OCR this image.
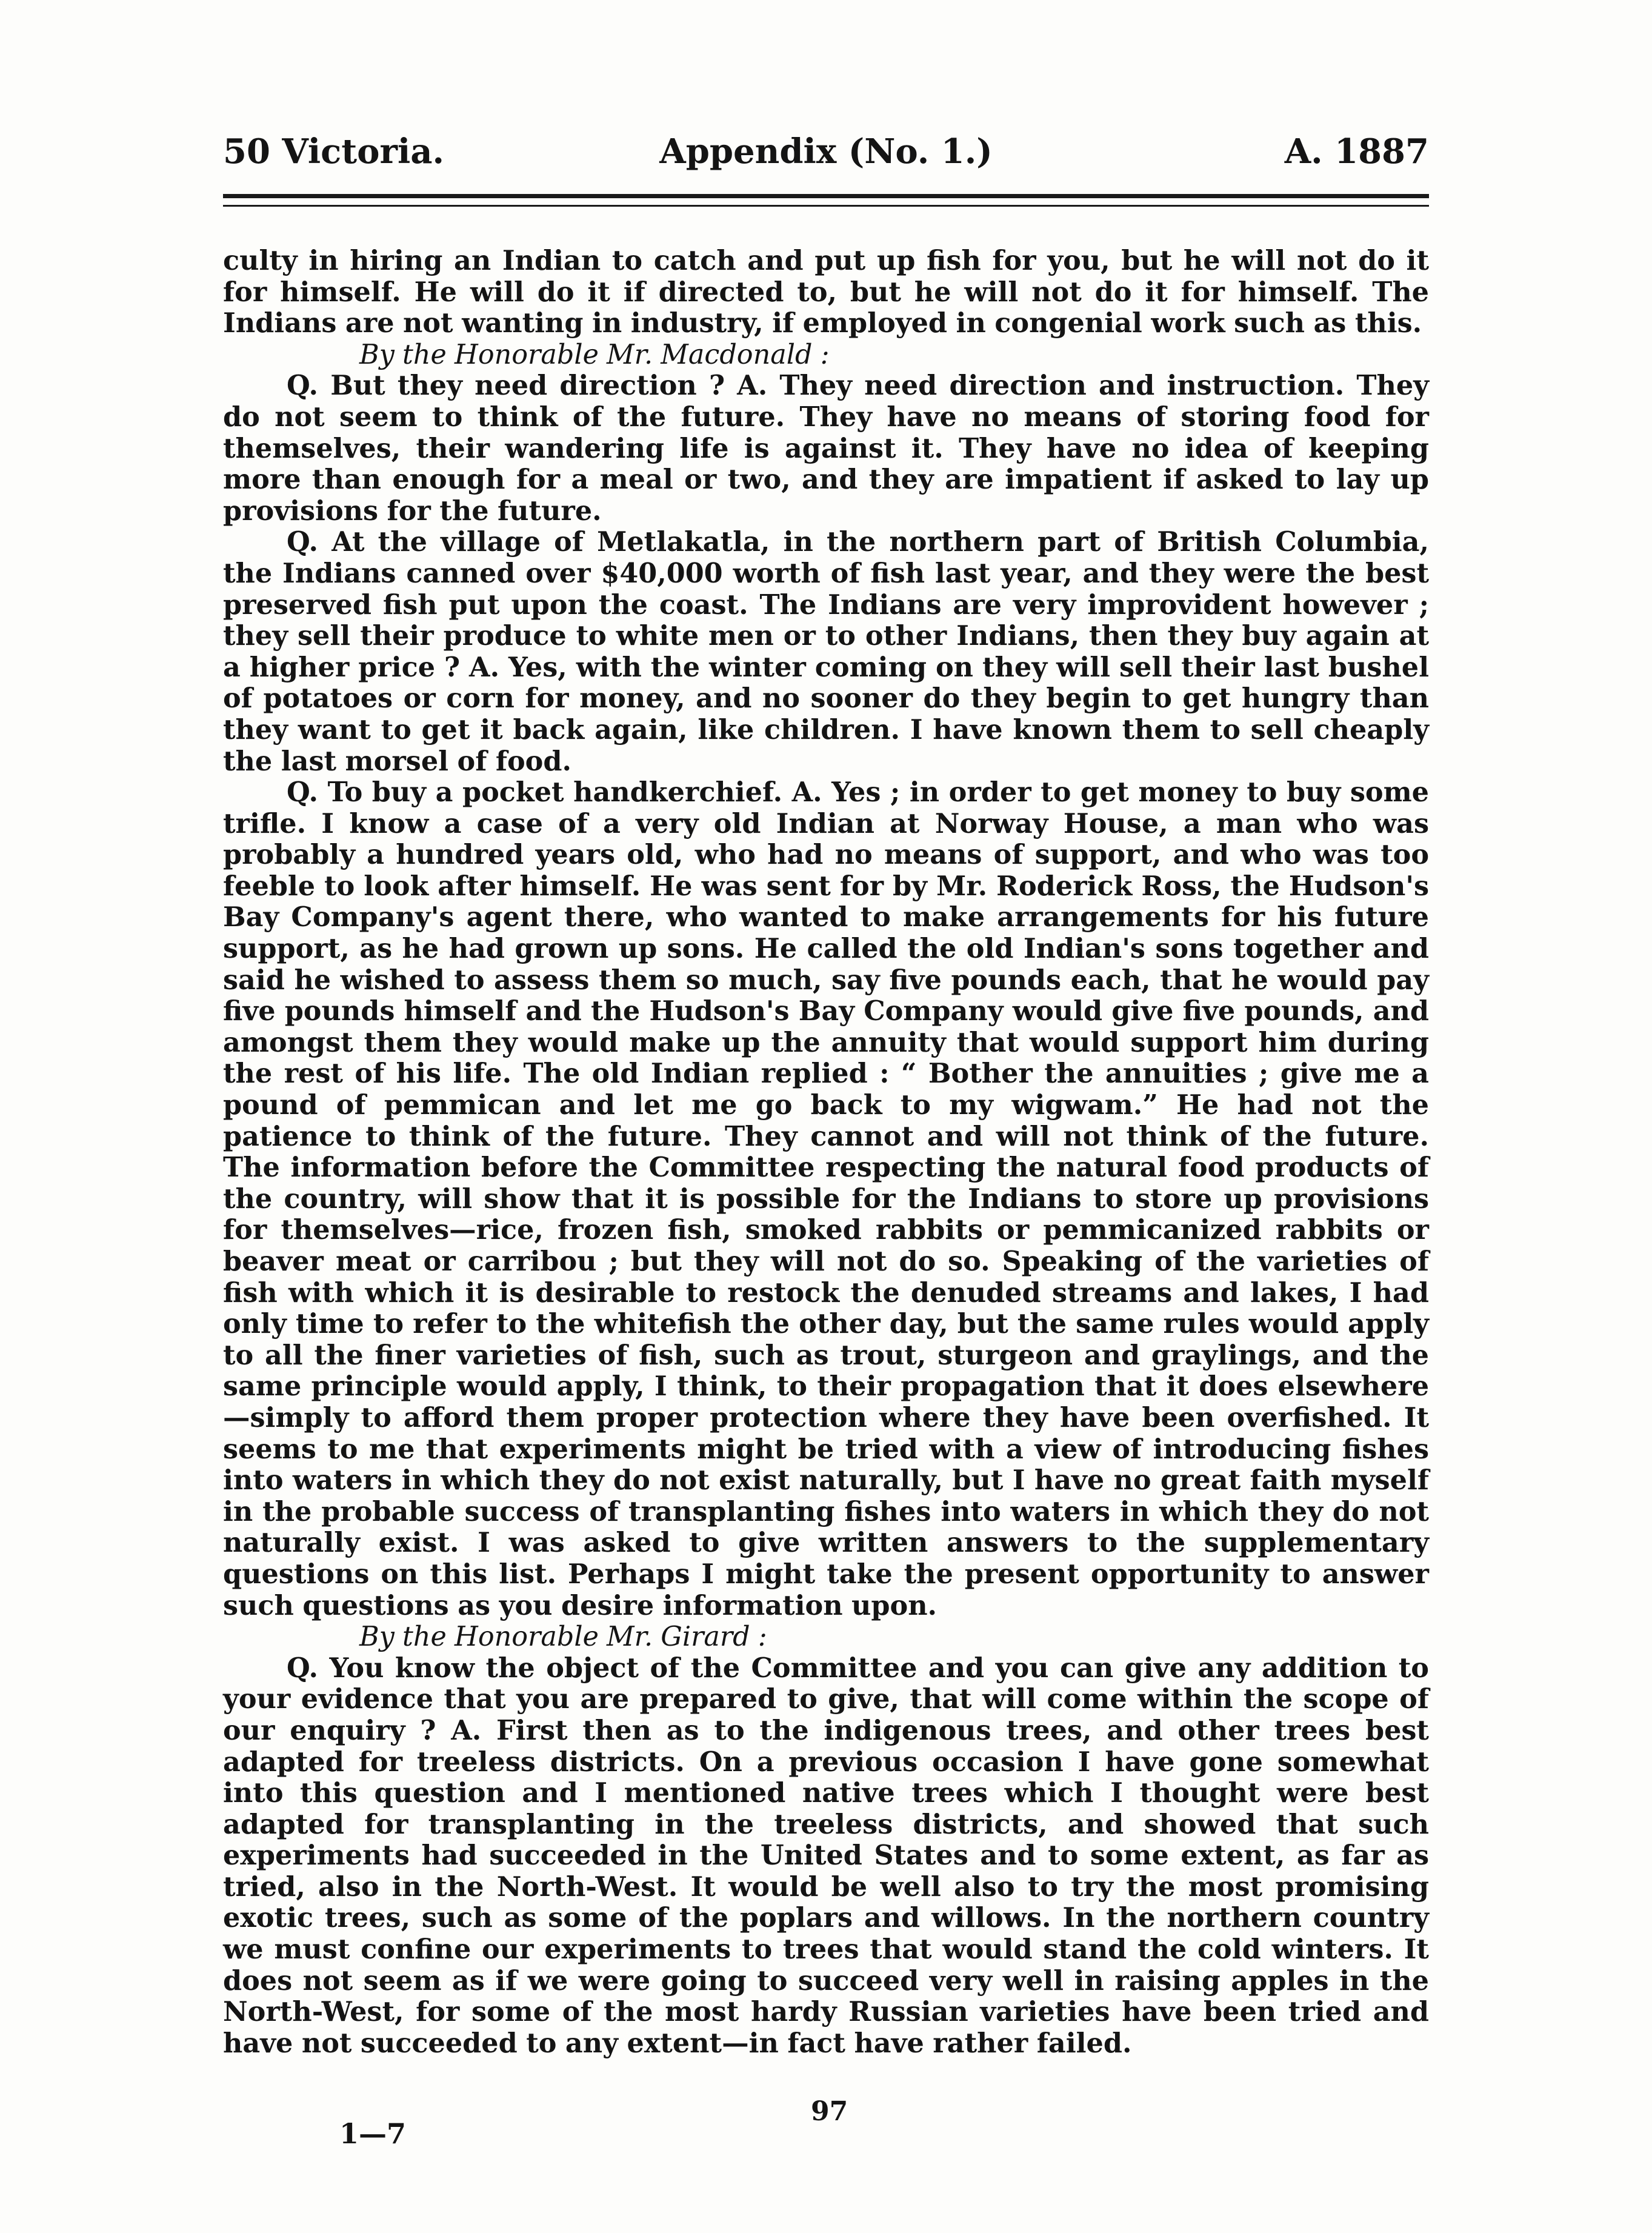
50 Victoria.	Appendix (No. 1.)	A. 1887

culty in hiring an Indian to catch and put up fish for you, but he will not do it for himself. He will do it if directed to, but he will not do it for himself. The Indians are not wanting in industry, if employed in congenial work such as this.

By the Honorable Mr. Macdonald :

Q. But they need direction ? A. They need direction and instruction. They do not seem to think of the future. They have no means of storing food for themselves, their wandering life is against it. They have no idea of keeping more than enough for a meal or two, and they are impatient if asked to lay up provisions for the future.

Q. At the village of Metlakatla, in the northern part of British Columbia, the Indians canned over $40,000 worth of fish last year, and they were the best preserved fish put upon the coast. The Indians are very improvident however ; they sell their produce to white men or to other Indians, then they buy again at a higher price ? A. Yes, with the winter coming on they will sell their last bushel of potatoes or corn for money, and no sooner do they begin to get hungry than they want to get it back again, like children. I have known them to sell cheaply the last morsel of food.

Q. To buy a pocket handkerchief. A. Yes ; in order to get money to buy some trifle. I know a case of a very old Indian at Norway House, a man who was probably a hundred years old, who had no means of support, and who was too feeble to look after himself. He was sent for by Mr. Roderick Ross, the Hudson's Bay Company's agent there, who wanted to make arrangements for his future support, as he had grown up sons. He called the old Indian's sons together and said he wished to assess them so much, say five pounds each, that he would pay five pounds himself and the Hudson's Bay Company would give five pounds, and amongst them they would make up the annuity that would support him during the rest of his life. The old Indian replied : “ Bother the annuities ; give me a pound of pemmican and let me go back to my wigwam.” He had not the patience to think of the future. They cannot and will not think of the future. The information before the Committee respecting the natural food products of the country, will show that it is possible for the Indians to store up provisions for themselves—rice, frozen fish, smoked rabbits or pemmicanized rabbits or beaver meat or carribou ; but they will not do so. Speaking of the varieties of fish with which it is desirable to restock the denuded streams and lakes, I had only time to refer to the whitefish the other day, but the same rules would apply to all the finer varieties of fish, such as trout, sturgeon and graylings, and the same principle would apply, I think, to their propagation that it does elsewhere—simply to afford them proper protection where they have been overfished. It seems to me that experiments might be tried with a view of introducing fishes into waters in which they do not exist naturally, but I have no great faith myself in the probable success of transplanting fishes into waters in which they do not naturally exist. I was asked to give written answers to the supplementary questions on this list. Perhaps I might take the present opportunity to answer such questions as you desire information upon.

By the Honorable Mr. Girard :

Q. You know the object of the Committee and you can give any addition to your evidence that you are prepared to give, that will come within the scope of our enquiry ? A. First then as to the indigenous trees, and other trees best adapted for treeless districts. On a previous occasion I have gone somewhat into this question and I mentioned native trees which I thought were best adapted for transplanting in the treeless districts, and showed that such experiments had succeeded in the United States and to some extent, as far as tried, also in the North-West. It would be well also to try the most promising exotic trees, such as some of the poplars and willows. In the northern country we must confine our experiments to trees that would stand the cold winters. It does not seem as if we were going to succeed very well in raising apples in the North-West, for some of the most hardy Russian varieties have been tried and have not succeeded to any extent—in fact have rather failed.

97
1—7
